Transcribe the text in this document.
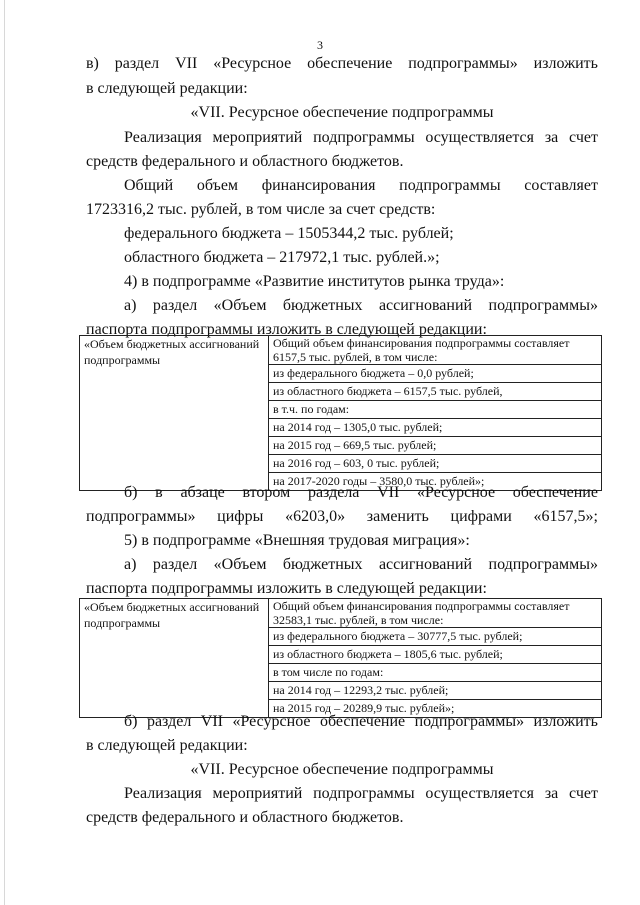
3
в) раздел VII «Ресурсное обеспечение подпрограммы» изложить
в следующей редакции:
«VII. Ресурсное обеспечение подпрограммы
Реализация мероприятий подпрограммы осуществляется за счет
средств федерального и областного бюджетов.
Общий объем финансирования подпрограммы составляет
1723316,2 тыс. рублей, в том числе за счет средств:
федерального бюджета – 1505344,2 тыс. рублей;
областного бюджета – 217972,1 тыс. рублей.»;
4) в подпрограмме «Развитие институтов рынка труда»:
а) раздел «Объем бюджетных ассигнований подпрограммы»
паспорта подпрограммы изложить в следующей редакции:
«Объем бюджетных ассигнований подпрограммы	
Общий объем финансирования подпрограммы составляет 6157,5 тыс. рублей, в том числе:
из федерального бюджета – 0,0 рублей;
из областного бюджета – 6157,5 тыс. рублей,
в т.ч. по годам:
на 2014 год – 1305,0 тыс. рублей;
на 2015 год – 669,5 тыс. рублей;
на 2016 год – 603, 0 тыс. рублей;
на 2017-2020 годы – 3580,0 тыс. рублей»;
б) в абзаце втором раздела VII «Ресурсное обеспечение
подпрограммы» цифры «6203,0» заменить цифрами «6157,5»;
5) в подпрограмме «Внешняя трудовая миграция»:
а) раздел «Объем бюджетных ассигнований подпрограммы»
паспорта подпрограммы изложить в следующей редакции:
«Объем бюджетных ассигнований подпрограммы	
Общий объем финансирования подпрограммы составляет 32583,1 тыс. рублей, в том числе:
из федерального бюджета – 30777,5 тыс. рублей;
из областного бюджета – 1805,6 тыс. рублей;
в том числе по годам:
на 2014 год – 12293,2 тыс. рублей;
на 2015 год – 20289,9 тыс. рублей»;
б) раздел VII «Ресурсное обеспечение подпрограммы» изложить
в следующей редакции:
«VII. Ресурсное обеспечение подпрограммы
Реализация мероприятий подпрограммы осуществляется за счет
средств федерального и областного бюджетов.
